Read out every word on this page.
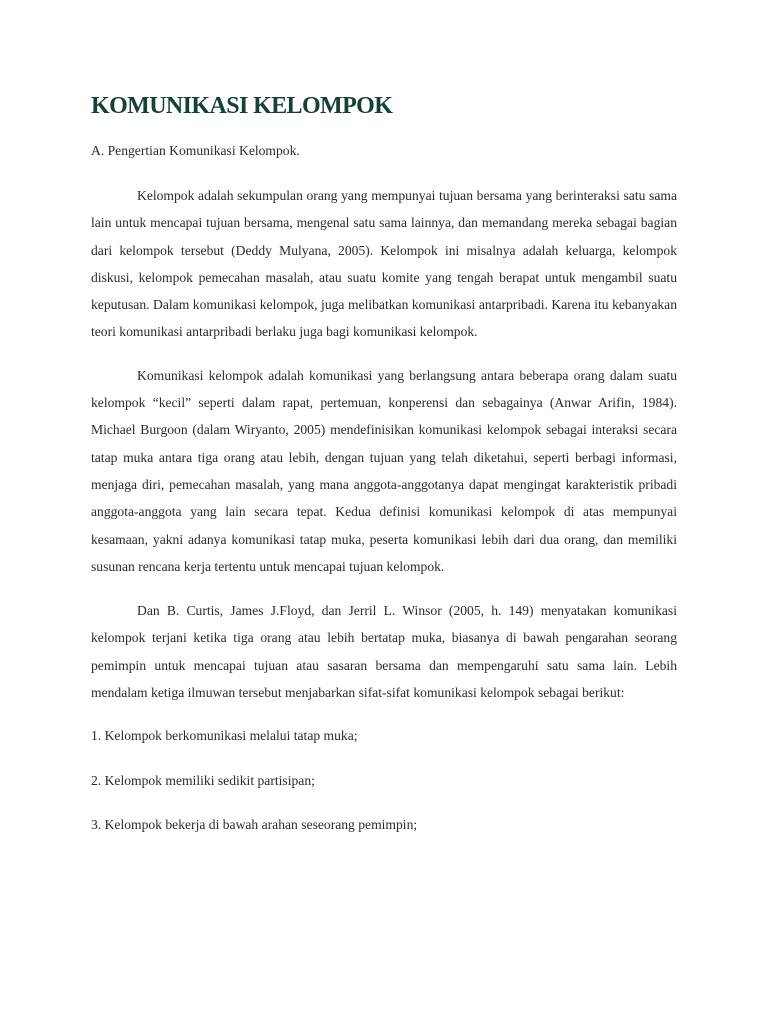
KOMUNIKASI KELOMPOK

A. Pengertian Komunikasi Kelompok.

Kelompok adalah sekumpulan orang yang mempunyai tujuan bersama yang berinteraksi satu sama lain untuk mencapai tujuan bersama, mengenal satu sama lainnya, dan memandang mereka sebagai bagian dari kelompok tersebut (Deddy Mulyana, 2005). Kelompok ini misalnya adalah keluarga, kelompok diskusi, kelompok pemecahan masalah, atau suatu komite yang tengah berapat untuk mengambil suatu keputusan. Dalam komunikasi kelompok, juga melibatkan komunikasi antarpribadi. Karena itu kebanyakan teori komunikasi antarpribadi berlaku juga bagi komunikasi kelompok.

Komunikasi kelompok adalah komunikasi yang berlangsung antara beberapa orang dalam suatu kelompok “kecil” seperti dalam rapat, pertemuan, konperensi dan sebagainya (Anwar Arifin, 1984). Michael Burgoon (dalam Wiryanto, 2005) mendefinisikan komunikasi kelompok sebagai interaksi secara tatap muka antara tiga orang atau lebih, dengan tujuan yang telah diketahui, seperti berbagi informasi, menjaga diri, pemecahan masalah, yang mana anggota-anggotanya dapat mengingat karakteristik pribadi anggota-anggota yang lain secara tepat. Kedua definisi komunikasi kelompok di atas mempunyai kesamaan, yakni adanya komunikasi tatap muka, peserta komunikasi lebih dari dua orang, dan memiliki susunan rencana kerja tertentu untuk mencapai tujuan kelompok.

Dan B. Curtis, James J.Floyd, dan Jerril L. Winsor (2005, h. 149) menyatakan komunikasi kelompok terjani ketika tiga orang atau lebih bertatap muka, biasanya di bawah pengarahan seorang pemimpin untuk mencapai tujuan atau sasaran bersama dan mempengaruhi satu sama lain. Lebih mendalam ketiga ilmuwan tersebut menjabarkan sifat-sifat komunikasi kelompok sebagai berikut:

1. Kelompok berkomunikasi melalui tatap muka;
2. Kelompok memiliki sedikit partisipan;
3. Kelompok bekerja di bawah arahan seseorang pemimpin;
